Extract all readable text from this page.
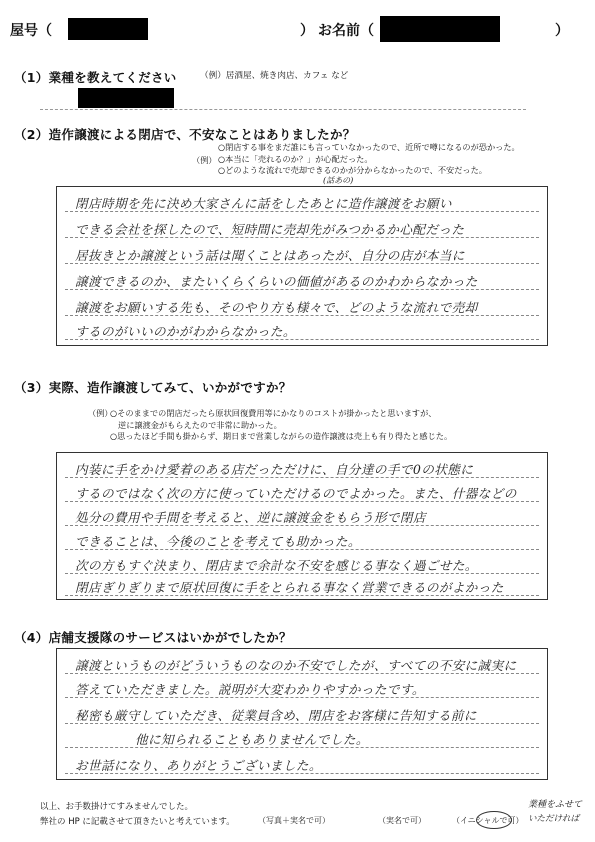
屋号（	） お名前（	）
（1）業種を教えてください	（例）居酒屋、焼き肉店、カフェ など
（2）造作譲渡による閉店で、不安なことはありましたか？
（例）
○閉店する事をまだ誰にも言っていなかったので、近所で噂になるのが恐かった。
○本当に「売れるのか？」が心配だった。
○どのような流れで売却できるのかが分からなかったので、不安だった。
閉店時期を先に決め大家さんに話をしたあとに造作譲渡をお願い
できる会社を探したので、短時間に売却先がみつかるか心配だった
居抜きとか譲渡という話は聞くことはあったが、自分の店が本当に
譲渡できるのか、またいくらくらいの価値があるのかわからなかった
譲渡をお願いする先も、そのやり方も様々で、どのような流れで売却
するのがいいのかがわからなかった。
(話あの)
（3）実際、造作譲渡してみて、いかがですか？
（例）
○そのままでの閉店だったら原状回復費用等にかなりのコストが掛かったと思いますが、
逆に譲渡金がもらえたので非常に助かった。
○思ったほど手間も掛からず、期日まで営業しながらの造作譲渡は売上も有り得たと感じた。
内装に手をかけ愛着のある店だっただけに、自分達の手で0の状態に
するのではなく次の方に使っていただけるのでよかった。また、什器などの
処分の費用や手間を考えると、逆に譲渡金をもらう形で閉店
できることは、今後のことを考えても助かった。
次の方もすぐ決まり、閉店まで余計な不安を感じる事なく過ごせた。
閉店ぎりぎりまで原状回復に手をとられる事なく営業できるのがよかった
（4）店舗支援隊のサービスはいかがでしたか？
譲渡というものがどういうものなのか不安でしたが、すべての不安に誠実に
答えていただきました。説明が大変わかりやすかったです。
秘密も厳守していただき、従業員含め、閉店をお客様に告知する前に
他に知られることもありませんでした。
お世話になり、ありがとうございました。
以上、お手数掛けてすみませんでした。
弊社の HP に記載させて頂きたいと考えています。	（写真＋実名で可）	（実名で可）	（イニシャルで可）
業種をふせて
いただければ
